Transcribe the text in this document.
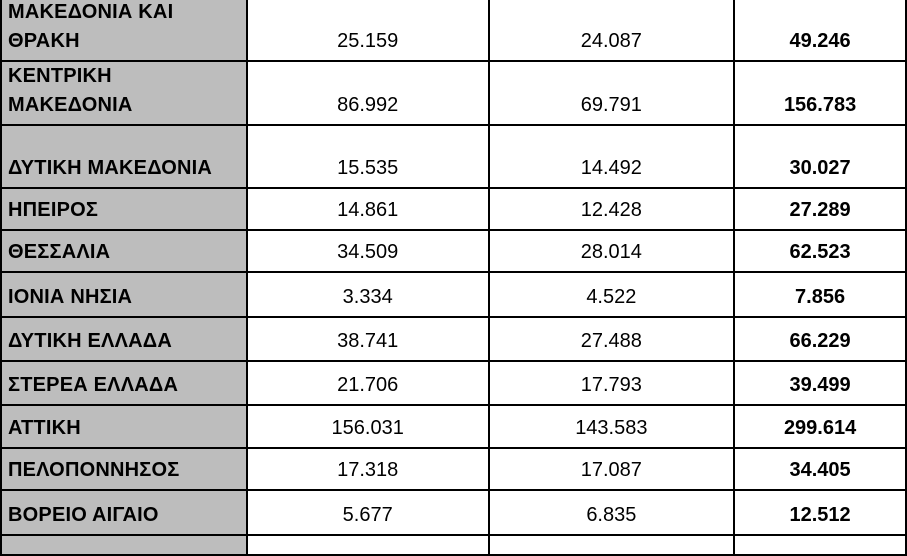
ΜΑΚΕΔΟΝΙΑ ΚΑΙ
ΘΡΑΚΗ	25.159	24.087	49.246

ΚΕΝΤΡΙΚΗ
ΜΑΚΕΔΟΝΙΑ	86.992	69.791	156.783

ΔΥΤΙΚΗ ΜΑΚΕΔΟΝΙΑ	15.535	14.492	30.027

ΗΠΕΙΡΟΣ	14.861	12.428	27.289

ΘΕΣΣΑΛΙΑ	34.509	28.014	62.523

ΙΟΝΙΑ ΝΗΣΙΑ	3.334	4.522	7.856

ΔΥΤΙΚΗ ΕΛΛΑΔΑ	38.741	27.488	66.229

ΣΤΕΡΕΑ ΕΛΛΑΔΑ	21.706	17.793	39.499

ΑΤΤΙΚΗ	156.031	143.583	299.614

ΠΕΛΟΠΟΝΝΗΣΟΣ	17.318	17.087	34.405

ΒΟΡΕΙΟ ΑΙΓΑΙΟ	5.677	6.835	12.512
